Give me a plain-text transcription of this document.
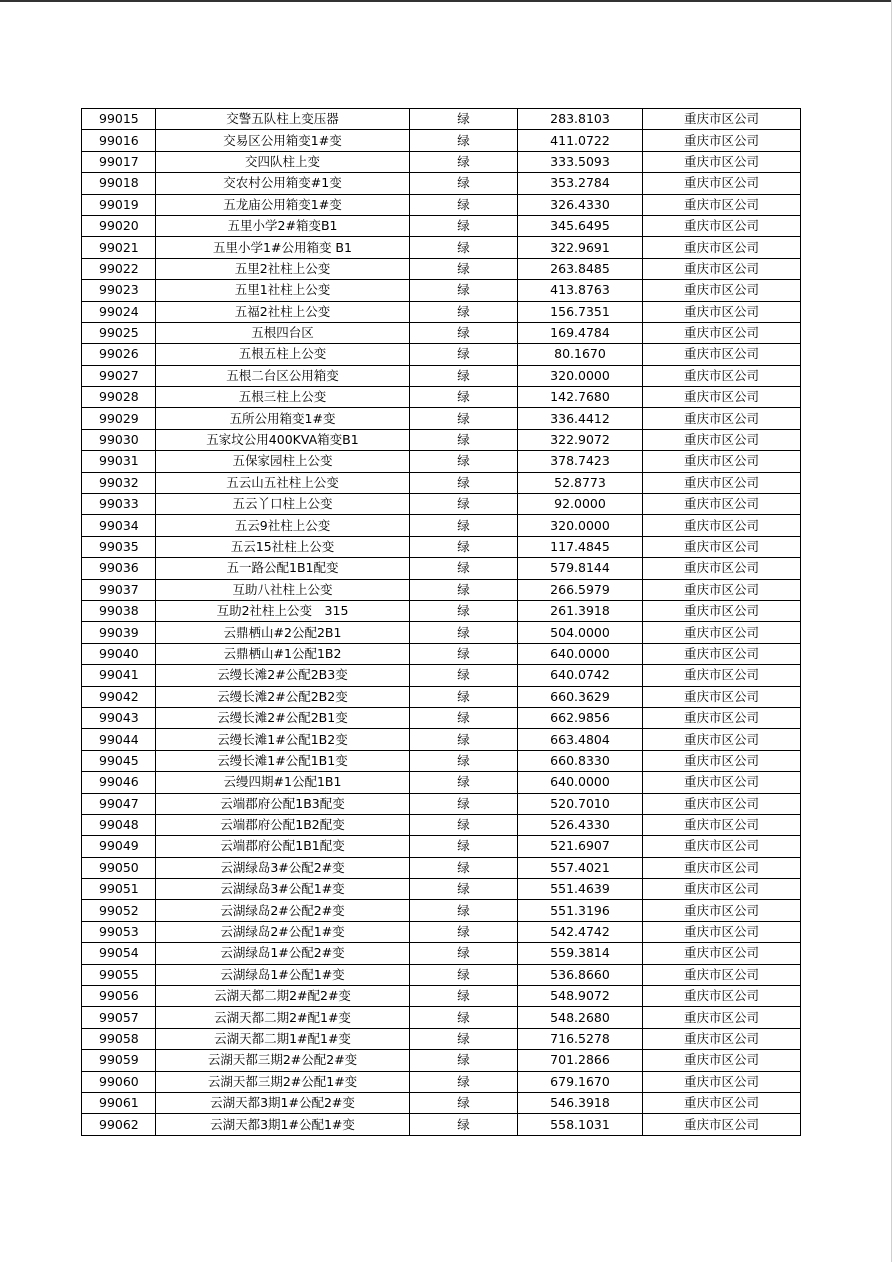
99015	交警五队柱上变压器	绿	283.8103	重庆市区公司
99016	交易区公用箱变1#变	绿	411.0722	重庆市区公司
99017	交四队柱上变	绿	333.5093	重庆市区公司
99018	交农村公用箱变#1变	绿	353.2784	重庆市区公司
99019	五龙庙公用箱变1#变	绿	326.4330	重庆市区公司
99020	五里小学2#箱变B1	绿	345.6495	重庆市区公司
99021	五里小学1#公用箱变 B1	绿	322.9691	重庆市区公司
99022	五里2社柱上公变	绿	263.8485	重庆市区公司
99023	五里1社柱上公变	绿	413.8763	重庆市区公司
99024	五福2社柱上公变	绿	156.7351	重庆市区公司
99025	五根四台区	绿	169.4784	重庆市区公司
99026	五根五柱上公变	绿	80.1670	重庆市区公司
99027	五根二台区公用箱变	绿	320.0000	重庆市区公司
99028	五根三柱上公变	绿	142.7680	重庆市区公司
99029	五所公用箱变1#变	绿	336.4412	重庆市区公司
99030	五家坟公用400KVA箱变B1	绿	322.9072	重庆市区公司
99031	五保家园柱上公变	绿	378.7423	重庆市区公司
99032	五云山五社柱上公变	绿	52.8773	重庆市区公司
99033	五云丫口柱上公变	绿	92.0000	重庆市区公司
99034	五云9社柱上公变	绿	320.0000	重庆市区公司
99035	五云15社柱上公变	绿	117.4845	重庆市区公司
99036	五一路公配1B1配变	绿	579.8144	重庆市区公司
99037	互助八社柱上公变	绿	266.5979	重庆市区公司
99038	互助2社柱上公变　315	绿	261.3918	重庆市区公司
99039	云鼎栖山#2公配2B1	绿	504.0000	重庆市区公司
99040	云鼎栖山#1公配1B2	绿	640.0000	重庆市区公司
99041	云缦长滩2#公配2B3变	绿	640.0742	重庆市区公司
99042	云缦长滩2#公配2B2变	绿	660.3629	重庆市区公司
99043	云缦长滩2#公配2B1变	绿	662.9856	重庆市区公司
99044	云缦长滩1#公配1B2变	绿	663.4804	重庆市区公司
99045	云缦长滩1#公配1B1变	绿	660.8330	重庆市区公司
99046	云缦四期#1公配1B1	绿	640.0000	重庆市区公司
99047	云端郡府公配1B3配变	绿	520.7010	重庆市区公司
99048	云端郡府公配1B2配变	绿	526.4330	重庆市区公司
99049	云端郡府公配1B1配变	绿	521.6907	重庆市区公司
99050	云湖绿岛3#公配2#变	绿	557.4021	重庆市区公司
99051	云湖绿岛3#公配1#变	绿	551.4639	重庆市区公司
99052	云湖绿岛2#公配2#变	绿	551.3196	重庆市区公司
99053	云湖绿岛2#公配1#变	绿	542.4742	重庆市区公司
99054	云湖绿岛1#公配2#变	绿	559.3814	重庆市区公司
99055	云湖绿岛1#公配1#变	绿	536.8660	重庆市区公司
99056	云湖天都二期2#配2#变	绿	548.9072	重庆市区公司
99057	云湖天都二期2#配1#变	绿	548.2680	重庆市区公司
99058	云湖天都二期1#配1#变	绿	716.5278	重庆市区公司
99059	云湖天都三期2#公配2#变	绿	701.2866	重庆市区公司
99060	云湖天都三期2#公配1#变	绿	679.1670	重庆市区公司
99061	云湖天都3期1#公配2#变	绿	546.3918	重庆市区公司
99062	云湖天都3期1#公配1#变	绿	558.1031	重庆市区公司
